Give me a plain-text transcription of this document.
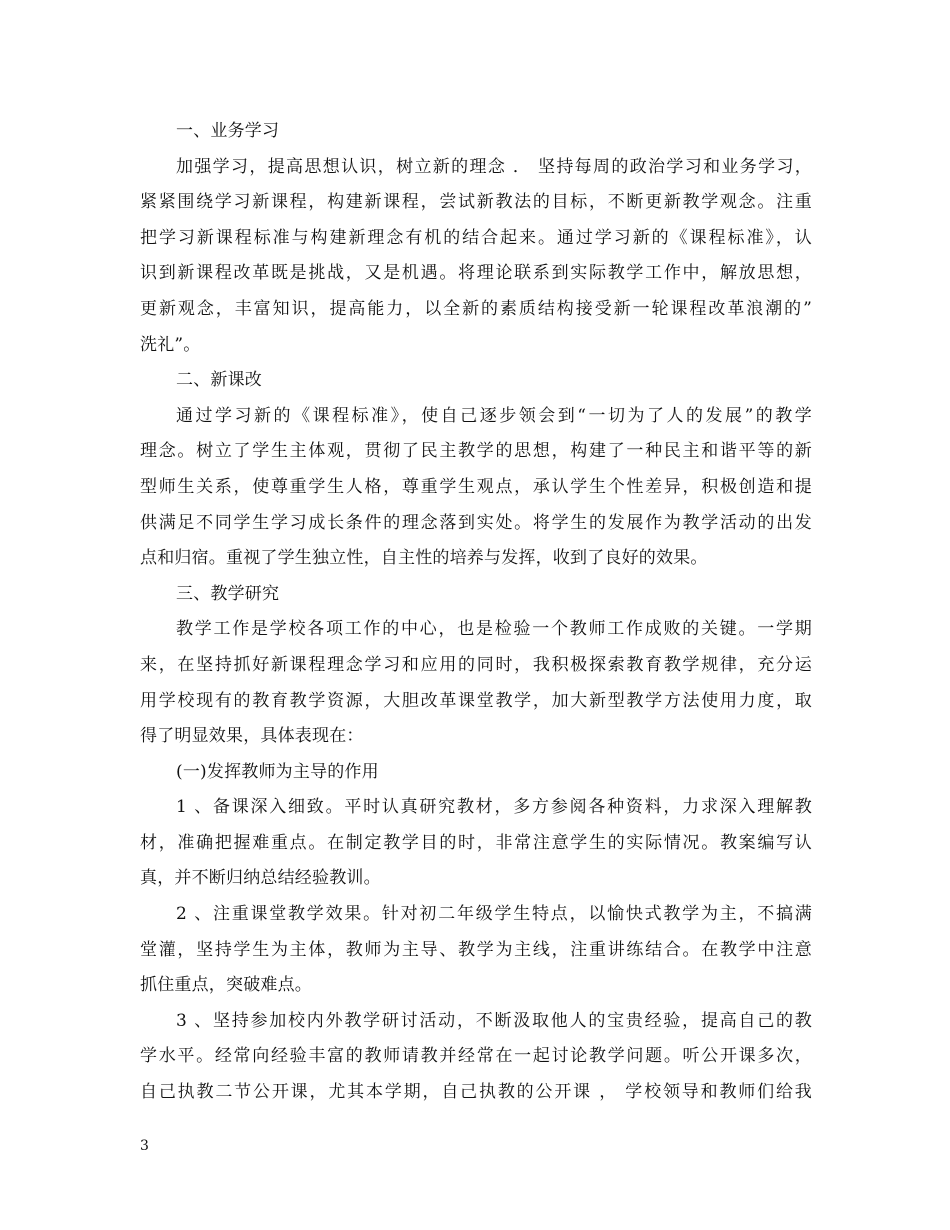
一、业务学习
加强学习，提高思想认识，树立新的理念 ． 坚持每周的政治学习和业务学习，
紧紧围绕学习新课程，构建新课程，尝试新教法的目标，不断更新教学观念。注重
把学习新课程标准与构建新理念有机的结合起来。通过学习新的《课程标准》，认
识到新课程改革既是挑战，又是机遇。将理论联系到实际教学工作中，解放思想，
更新观念，丰富知识，提高能力，以全新的素质结构接受新一轮课程改革浪潮的”
洗礼”。
二、新课改
通过学习新的《课程标准》，使自己逐步领会到“一切为了人的发展”的教学
理念。树立了学生主体观，贯彻了民主教学的思想，构建了一种民主和谐平等的新
型师生关系，使尊重学生人格，尊重学生观点，承认学生个性差异，积极创造和提
供满足不同学生学习成长条件的理念落到实处。将学生的发展作为教学活动的出发
点和归宿。重视了学生独立性，自主性的培养与发挥，收到了良好的效果。
三、教学研究
教学工作是学校各项工作的中心，也是检验一个教师工作成败的关键。一学期
来，在坚持抓好新课程理念学习和应用的同时，我积极探索教育教学规律，充分运
用学校现有的教育教学资源，大胆改革课堂教学，加大新型教学方法使用力度，取
得了明显效果，具体表现在：
(一)发挥教师为主导的作用
1 、备课深入细致。平时认真研究教材，多方参阅各种资料，力求深入理解教
材，准确把握难重点。在制定教学目的时，非常注意学生的实际情况。教案编写认
真，并不断归纳总结经验教训。
2 、注重课堂教学效果。针对初二年级学生特点，以愉快式教学为主，不搞满
堂灌，坚持学生为主体，教师为主导、教学为主线，注重讲练结合。在教学中注意
抓住重点，突破难点。
3 、坚持参加校内外教学研讨活动，不断汲取他人的宝贵经验，提高自己的教
学水平。经常向经验丰富的教师请教并经常在一起讨论教学问题。听公开课多次，
自己执教二节公开课，尤其本学期，自己执教的公开课 ， 学校领导和教师们给我
3
